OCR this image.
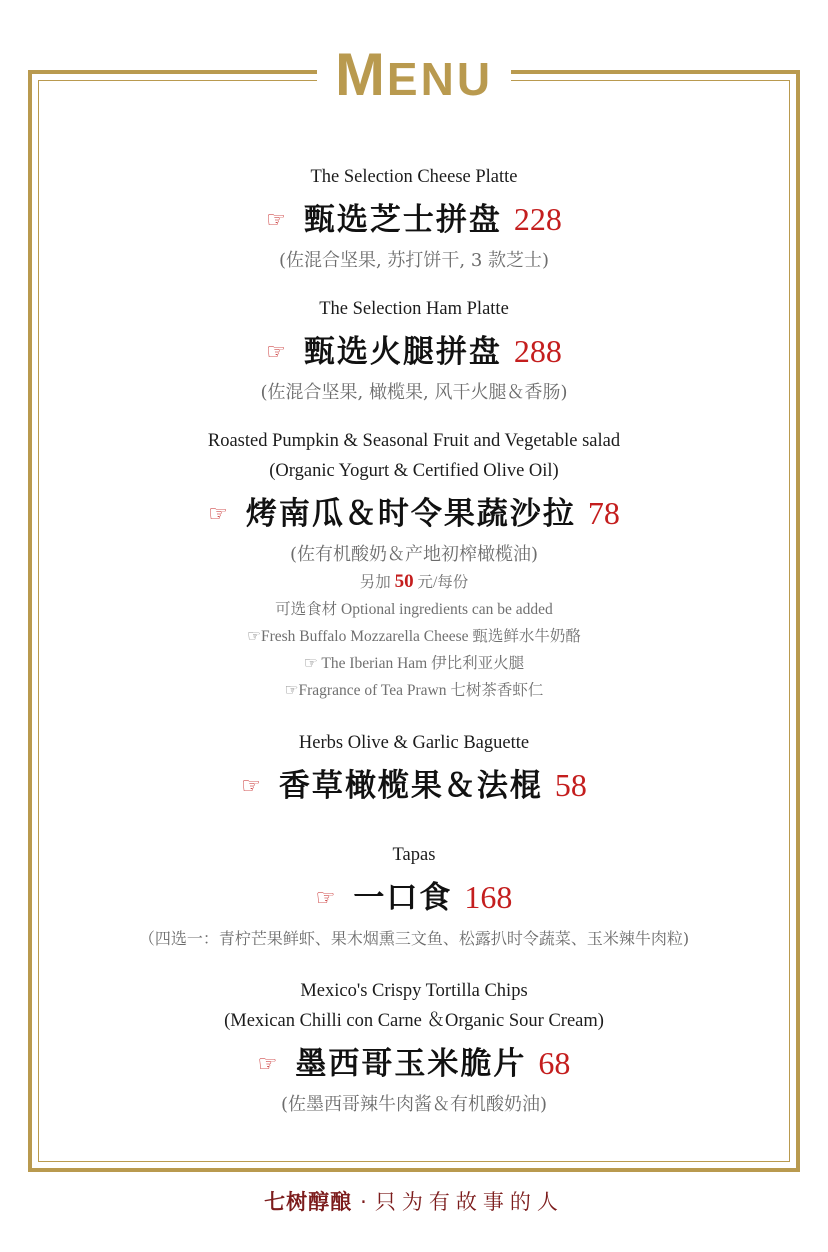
MENU
The Selection Cheese Platte
☞ 甄选芝士拼盘 228
(佐混合坚果, 苏打饼干, 3 款芝士)
The Selection Ham Platte
☞ 甄选火腿拼盘 288
(佐混合坚果, 橄榄果, 风干火腿＆香肠)
Roasted Pumpkin & Seasonal Fruit and Vegetable salad
(Organic Yogurt & Certified Olive Oil)
☞ 烤南瓜＆时令果蔬沙拉 78
(佐有机酸奶＆产地初榨橄榄油)
另加 50 元/每份
可选食材 Optional ingredients can be added
☞Fresh Buffalo Mozzarella Cheese 甄选鲜水牛奶酪
☞ The Iberian Ham 伊比利亚火腿
☞Fragrance of Tea Prawn 七树茶香虾仁
Herbs Olive & Garlic Baguette
☞ 香草橄榄果＆法棍 58
Tapas
☞ 一口食 168
（四选一：青柠芒果鲜虾、果木烟熏三文鱼、松露扒时令蔬菜、玉米辣牛肉粒)
Mexico's Crispy Tortilla Chips
(Mexican Chilli con Carne ＆Organic Sour Cream)
☞ 墨西哥玉米脆片 68
(佐墨西哥辣牛肉酱＆有机酸奶油)
七树醇酿 · 只为有故事的人
